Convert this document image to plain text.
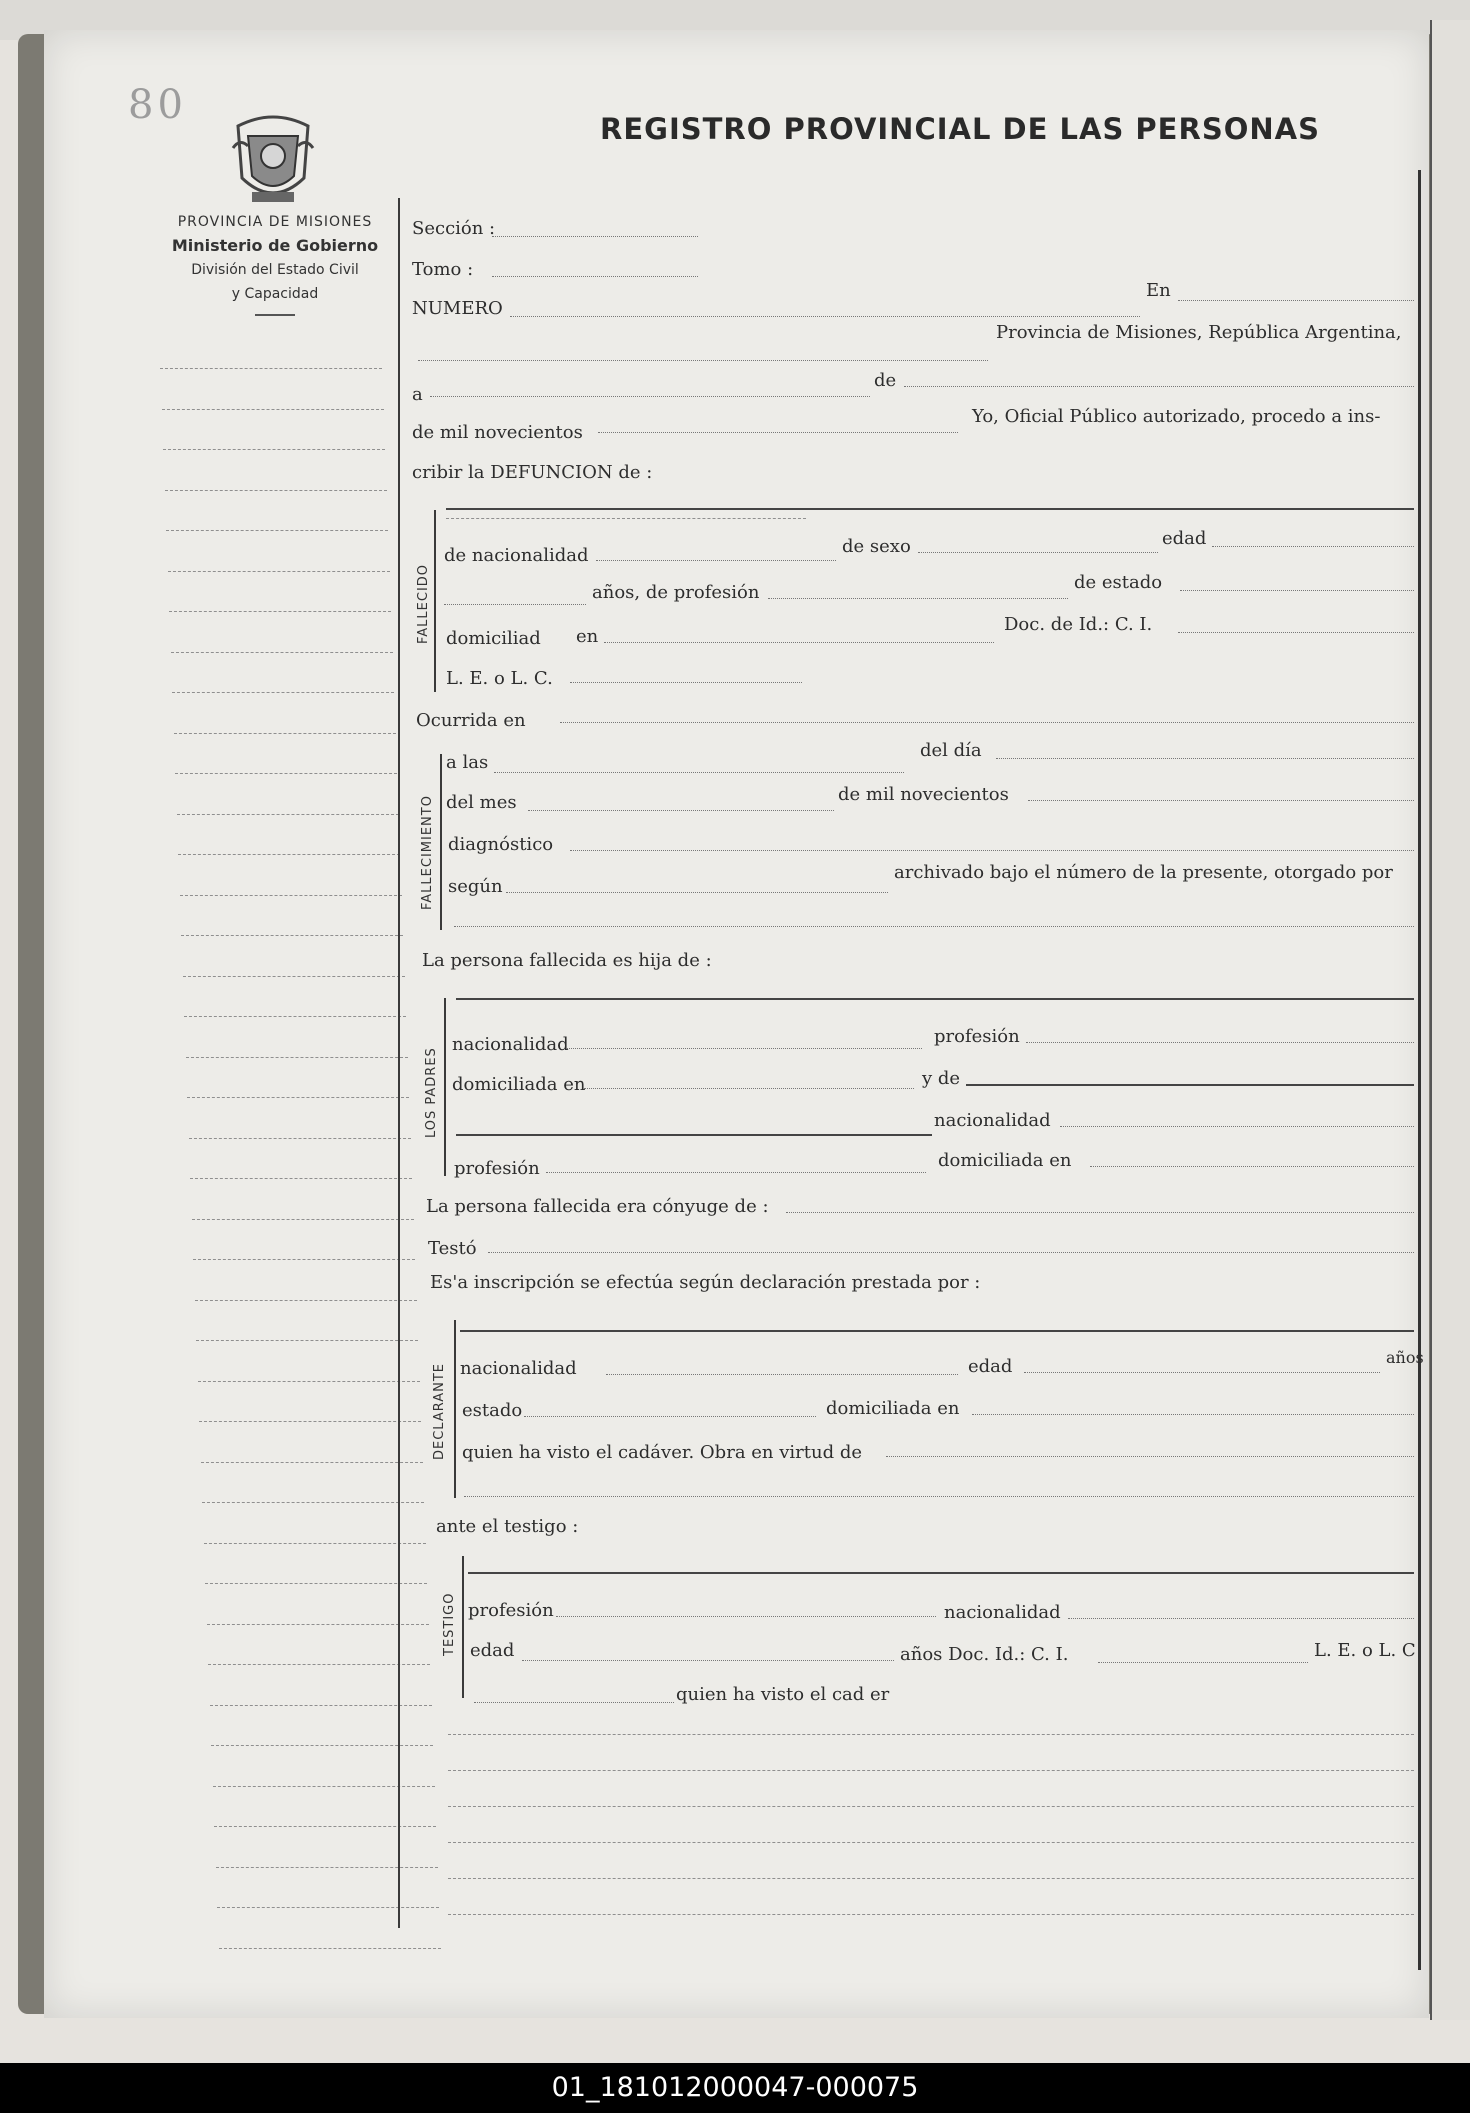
80
REGISTRO PROVINCIAL DE LAS PERSONAS
PROVINCIA DE MISIONES
Ministerio de Gobierno
División del Estado Civil
y Capacidad
Sección :
Tomo :
NUMERO
En
Provincia de Misiones, República Argentina,
a
de
de mil novecientos
Yo, Oficial Público autorizado, procedo a ins-
cribir la DEFUNCION de :
FALLECIDO
de nacionalidad	de sexo	edad
años, de profesión	de estado
domiciliad en
Doc. de Id.: C. I.
L. E. o L. C.
Ocurrida en
FALLECIMIENTO
a las
del día
del mes	de mil novecientos
diagnóstico
según
archivado bajo el número de la presente, otorgado por
La persona fallecida es hija de :
LOS PADRES
nacionalidad	profesión
domiciliada en	y de
nacionalidad
profesión	domiciliada en
La persona fallecida era cónyuge de :
Testó
Es'a inscripción se efectúa según declaración prestada por :
DECLARANTE nacionalidad	edad	años
estado	domiciliada en
quien ha visto el cadáver. Obra en virtud de
ante el testigo :
TESTIGO profesión	nacionalidad
edad	años Doc. Id.: C. I.	L. E. o L. C
quien ha visto el cad er
01_181012000047-000075
